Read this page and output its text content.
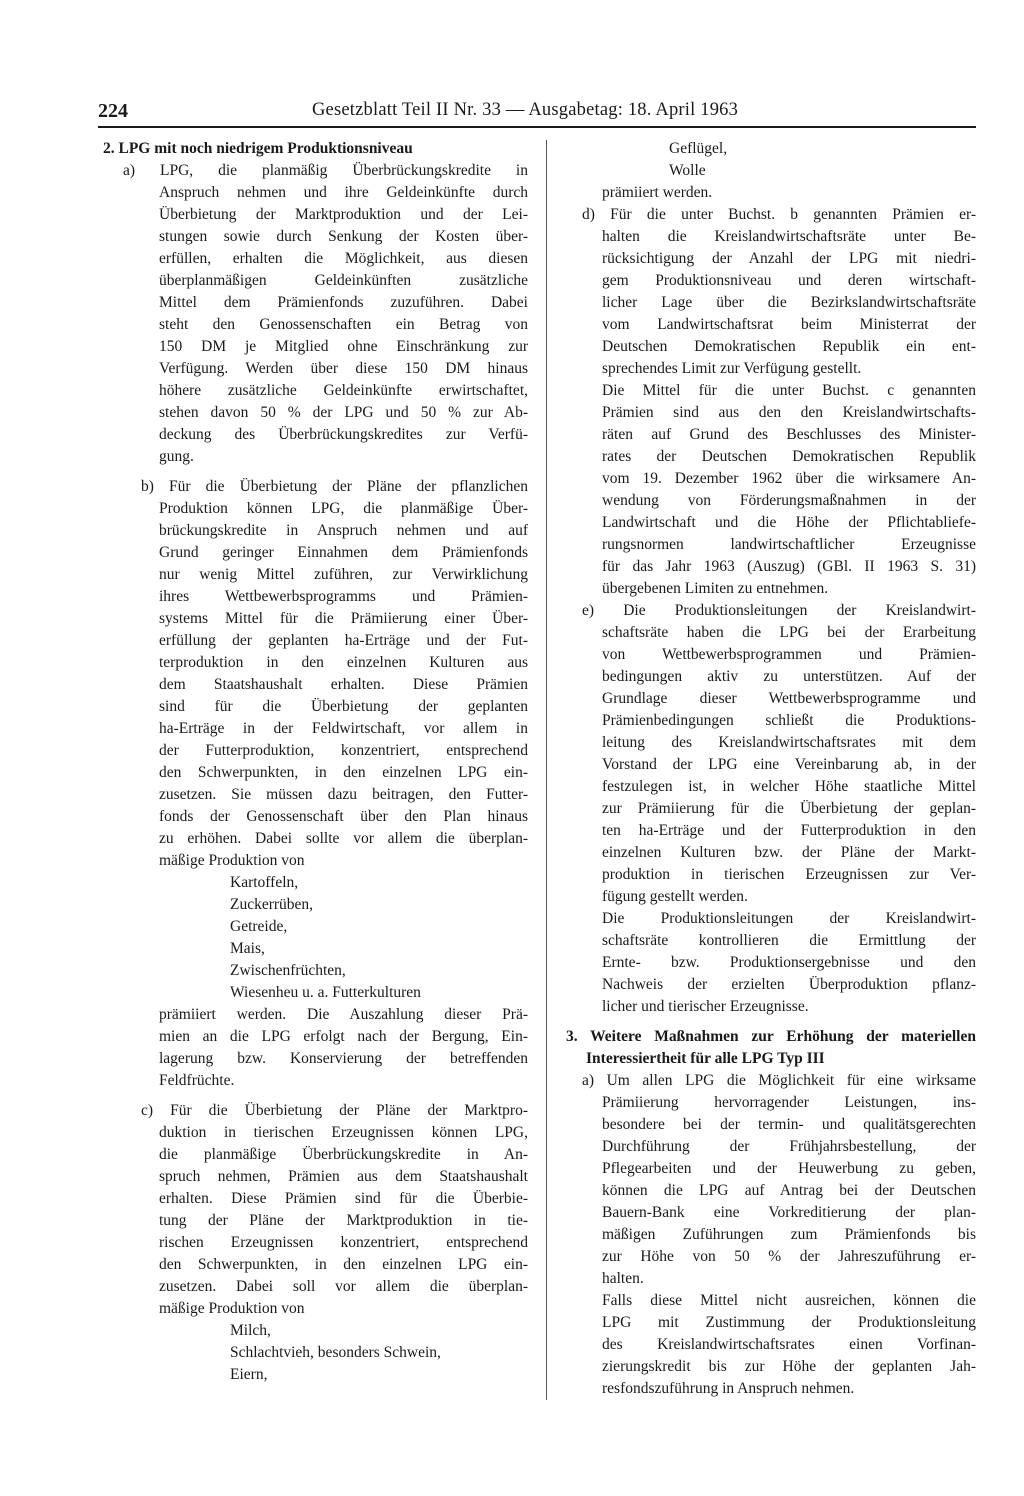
224	Gesetzblatt Teil II Nr. 33 — Ausgabetag: 18. April 1963
2. LPG mit noch niedrigem Produktionsniveau
a) LPG, die planmäßig Überbrückungskredite in
Anspruch nehmen und ihre Geldeinkünfte durch
Überbietung der Marktproduktion und der Lei-
stungen sowie durch Senkung der Kosten über-
erfüllen, erhalten die Möglichkeit, aus diesen
überplanmäßigen Geldeinkünften zusätzliche
Mittel dem Prämienfonds zuzuführen. Dabei
steht den Genossenschaften ein Betrag von
150 DM je Mitglied ohne Einschränkung zur
Verfügung. Werden über diese 150 DM hinaus
höhere zusätzliche Geldeinkünfte erwirtschaftet,
stehen davon 50 % der LPG und 50 % zur Ab-
deckung des Überbrückungskredites zur Verfü-
gung.
b) Für die Überbietung der Pläne der pflanzlichen
Produktion können LPG, die planmäßige Über-
brückungskredite in Anspruch nehmen und auf
Grund geringer Einnahmen dem Prämienfonds
nur wenig Mittel zuführen, zur Verwirklichung
ihres Wettbewerbsprogramms und Prämien-
systems Mittel für die Prämiierung einer Über-
erfüllung der geplanten ha-Erträge und der Fut-
terproduktion in den einzelnen Kulturen aus
dem Staatshaushalt erhalten. Diese Prämien
sind für die Überbietung der geplanten
ha-Erträge in der Feldwirtschaft, vor allem in
der Futterproduktion, konzentriert, entsprechend
den Schwerpunkten, in den einzelnen LPG ein-
zusetzen. Sie müssen dazu beitragen, den Futter-
fonds der Genossenschaft über den Plan hinaus
zu erhöhen. Dabei sollte vor allem die überplan-
mäßige Produktion von
Kartoffeln,
Zuckerrüben,
Getreide,
Mais,
Zwischenfrüchten,
Wiesenheu u. a. Futterkulturen
prämiiert werden. Die Auszahlung dieser Prä-
mien an die LPG erfolgt nach der Bergung, Ein-
lagerung bzw. Konservierung der betreffenden
Feldfrüchte.
c) Für die Überbietung der Pläne der Marktpro-
duktion in tierischen Erzeugnissen können LPG,
die planmäßige Überbrückungskredite in An-
spruch nehmen, Prämien aus dem Staatshaushalt
erhalten. Diese Prämien sind für die Überbie-
tung der Pläne der Marktproduktion in tie-
rischen Erzeugnissen konzentriert, entsprechend
den Schwerpunkten, in den einzelnen LPG ein-
zusetzen. Dabei soll vor allem die überplan-
mäßige Produktion von
Milch,
Schlachtvieh, besonders Schwein,
Eiern,
Geflügel,
Wolle
prämiiert werden.
d) Für die unter Buchst. b genannten Prämien er-
halten die Kreislandwirtschaftsräte unter Be-
rücksichtigung der Anzahl der LPG mit niedri-
gem Produktionsniveau und deren wirtschaft-
licher Lage über die Bezirkslandwirtschaftsräte
vom Landwirtschaftsrat beim Ministerrat der
Deutschen Demokratischen Republik ein ent-
sprechendes Limit zur Verfügung gestellt.
Die Mittel für die unter Buchst. c genannten
Prämien sind aus den den Kreislandwirtschafts-
räten auf Grund des Beschlusses des Minister-
rates der Deutschen Demokratischen Republik
vom 19. Dezember 1962 über die wirksamere An-
wendung von Förderungsmaßnahmen in der
Landwirtschaft und die Höhe der Pflichtabliefe-
rungsnormen landwirtschaftlicher Erzeugnisse
für das Jahr 1963 (Auszug) (GBl. II 1963 S. 31)
übergebenen Limiten zu entnehmen.
e) Die Produktionsleitungen der Kreislandwirt-
schaftsräte haben die LPG bei der Erarbeitung
von Wettbewerbsprogrammen und Prämien-
bedingungen aktiv zu unterstützen. Auf der
Grundlage dieser Wettbewerbsprogramme und
Prämienbedingungen schließt die Produktions-
leitung des Kreislandwirtschaftsrates mit dem
Vorstand der LPG eine Vereinbarung ab, in der
festzulegen ist, in welcher Höhe staatliche Mittel
zur Prämiierung für die Überbietung der geplan-
ten ha-Erträge und der Futterproduktion in den
einzelnen Kulturen bzw. der Pläne der Markt-
produktion in tierischen Erzeugnissen zur Ver-
fügung gestellt werden.
Die Produktionsleitungen der Kreislandwirt-
schaftsräte kontrollieren die Ermittlung der
Ernte- bzw. Produktionsergebnisse und den
Nachweis der erzielten Überproduktion pflanz-
licher und tierischer Erzeugnisse.
3. Weitere Maßnahmen zur Erhöhung der materiellen
Interessiertheit für alle LPG Typ III
a) Um allen LPG die Möglichkeit für eine wirksame
Prämiierung hervorragender Leistungen, ins-
besondere bei der termin- und qualitätsgerechten
Durchführung der Frühjahrsbestellung, der
Pflegearbeiten und der Heuwerbung zu geben,
können die LPG auf Antrag bei der Deutschen
Bauern-Bank eine Vorkreditierung der plan-
mäßigen Zuführungen zum Prämienfonds bis
zur Höhe von 50 % der Jahreszuführung er-
halten.
Falls diese Mittel nicht ausreichen, können die
LPG mit Zustimmung der Produktionsleitung
des Kreislandwirtschaftsrates einen Vorfinan-
zierungskredit bis zur Höhe der geplanten Jah-
resfondszuführung in Anspruch nehmen.
